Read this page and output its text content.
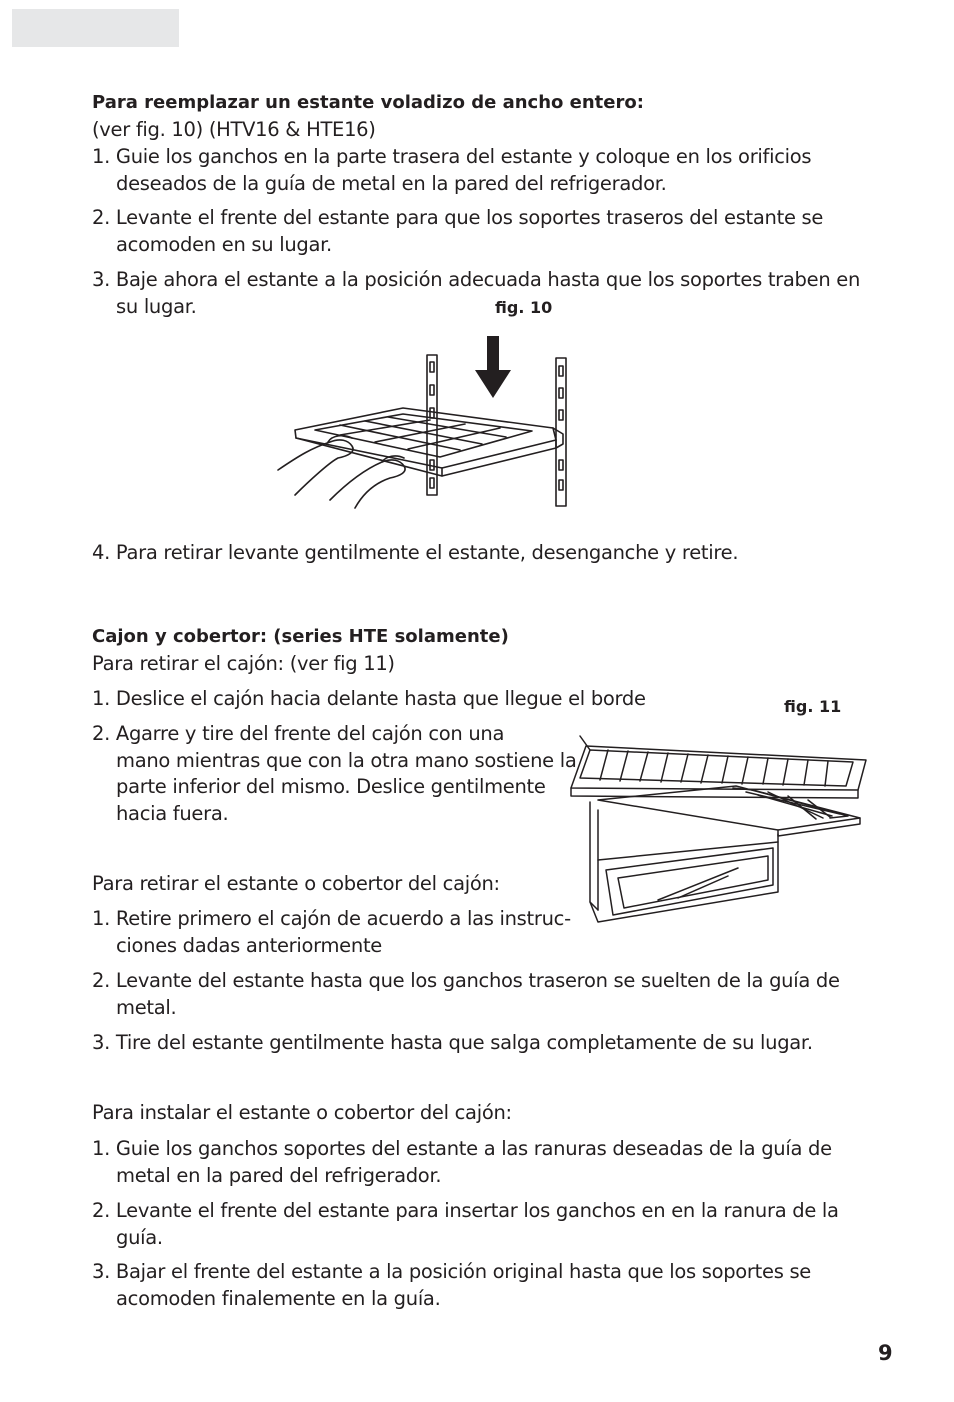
Para reemplazar un estante voladizo de ancho entero:
(ver fig. 10) (HTV16 & HTE16)
1. Guie los ganchos en la parte trasera del estante y coloque en los orificios
deseados de la guía de metal en la pared del refrigerador.
2. Levante el frente del estante para que los soportes traseros del estante se
acomoden en su lugar.
3. Baje ahora el estante a la posición adecuada hasta que los soportes traben en
su lugar.	fig. 10
4. Para retirar levante gentilmente el estante, desenganche y retire.
Cajon y cobertor: (series HTE solamente)
Para retirar el cajón: (ver fig 11)
1. Deslice el cajón hacia delante hasta que llegue el borde	fig. 11
2. Agarre y tire del frente del cajón con una
mano mientras que con la otra mano sostiene la
parte inferior del mismo. Deslice gentilmente
hacia fuera.
Para retirar el estante o cobertor del cajón:
1. Retire primero el cajón de acuerdo a las instruc-
ciones dadas anteriormente
2. Levante del estante hasta que los ganchos traseron se suelten de la guía de
metal.
3. Tire del estante gentilmente hasta que salga completamente de su lugar.
Para instalar el estante o cobertor del cajón:
1. Guie los ganchos soportes del estante a las ranuras deseadas de la guía de
metal en la pared del refrigerador.
2. Levante el frente del estante para insertar los ganchos en en la ranura de la
guía.
3. Bajar el frente del estante a la posición original hasta que los soportes se
acomoden finalemente en la guía.
9
